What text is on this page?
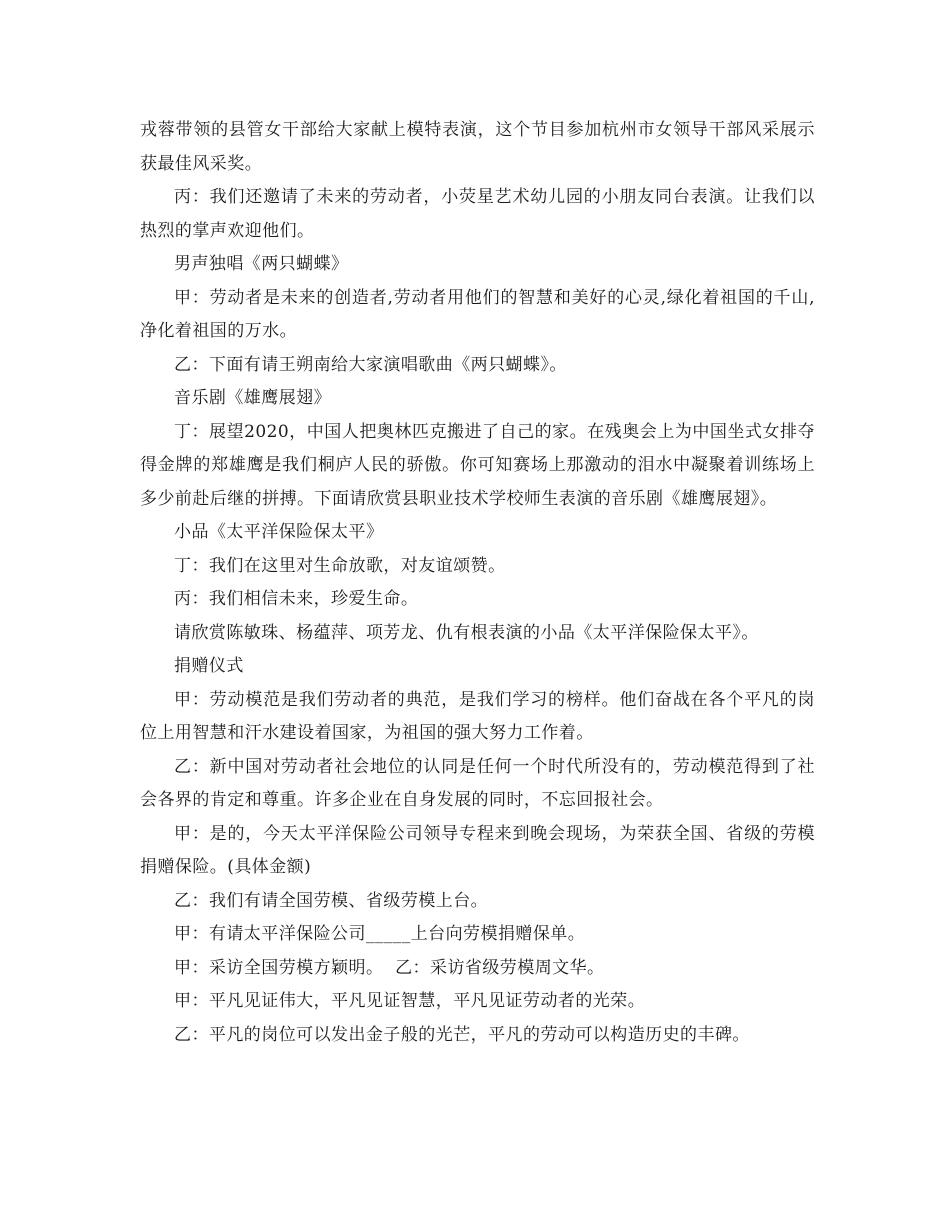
戎蓉带领的县管女干部给大家献上模特表演，这个节目参加杭州市女领导干部风采展示获最佳风采奖。

丙：我们还邀请了未来的劳动者，小荧星艺术幼儿园的小朋友同台表演。让我们以热烈的掌声欢迎他们。

男声独唱《两只蝴蝶》

甲：劳动者是未来的创造者,劳动者用他们的智慧和美好的心灵,绿化着祖国的千山,净化着祖国的万水。

乙：下面有请王朔南给大家演唱歌曲《两只蝴蝶》。

音乐剧《雄鹰展翅》

丁：展望2020，中国人把奥林匹克搬进了自己的家。在残奥会上为中国坐式女排夺得金牌的郑雄鹰是我们桐庐人民的骄傲。你可知赛场上那激动的泪水中凝聚着训练场上多少前赴后继的拼搏。下面请欣赏县职业技术学校师生表演的音乐剧《雄鹰展翅》。

小品《太平洋保险保太平》

丁：我们在这里对生命放歌，对友谊颂赞。

丙：我们相信未来，珍爱生命。

请欣赏陈敏珠、杨蕴萍、项芳龙、仇有根表演的小品《太平洋保险保太平》。

捐赠仪式

甲：劳动模范是我们劳动者的典范，是我们学习的榜样。他们奋战在各个平凡的岗位上用智慧和汗水建设着国家，为祖国的强大努力工作着。

乙：新中国对劳动者社会地位的认同是任何一个时代所没有的，劳动模范得到了社会各界的肯定和尊重。许多企业在自身发展的同时，不忘回报社会。

甲：是的，今天太平洋保险公司领导专程来到晚会现场，为荣获全国、省级的劳模捐赠保险。(具体金额)

乙：我们有请全国劳模、省级劳模上台。

甲：有请太平洋保险公司_____上台向劳模捐赠保单。

甲：采访全国劳模方颖明。  乙：采访省级劳模周文华。

甲：平凡见证伟大，平凡见证智慧，平凡见证劳动者的光荣。

乙：平凡的岗位可以发出金子般的光芒，平凡的劳动可以构造历史的丰碑。
